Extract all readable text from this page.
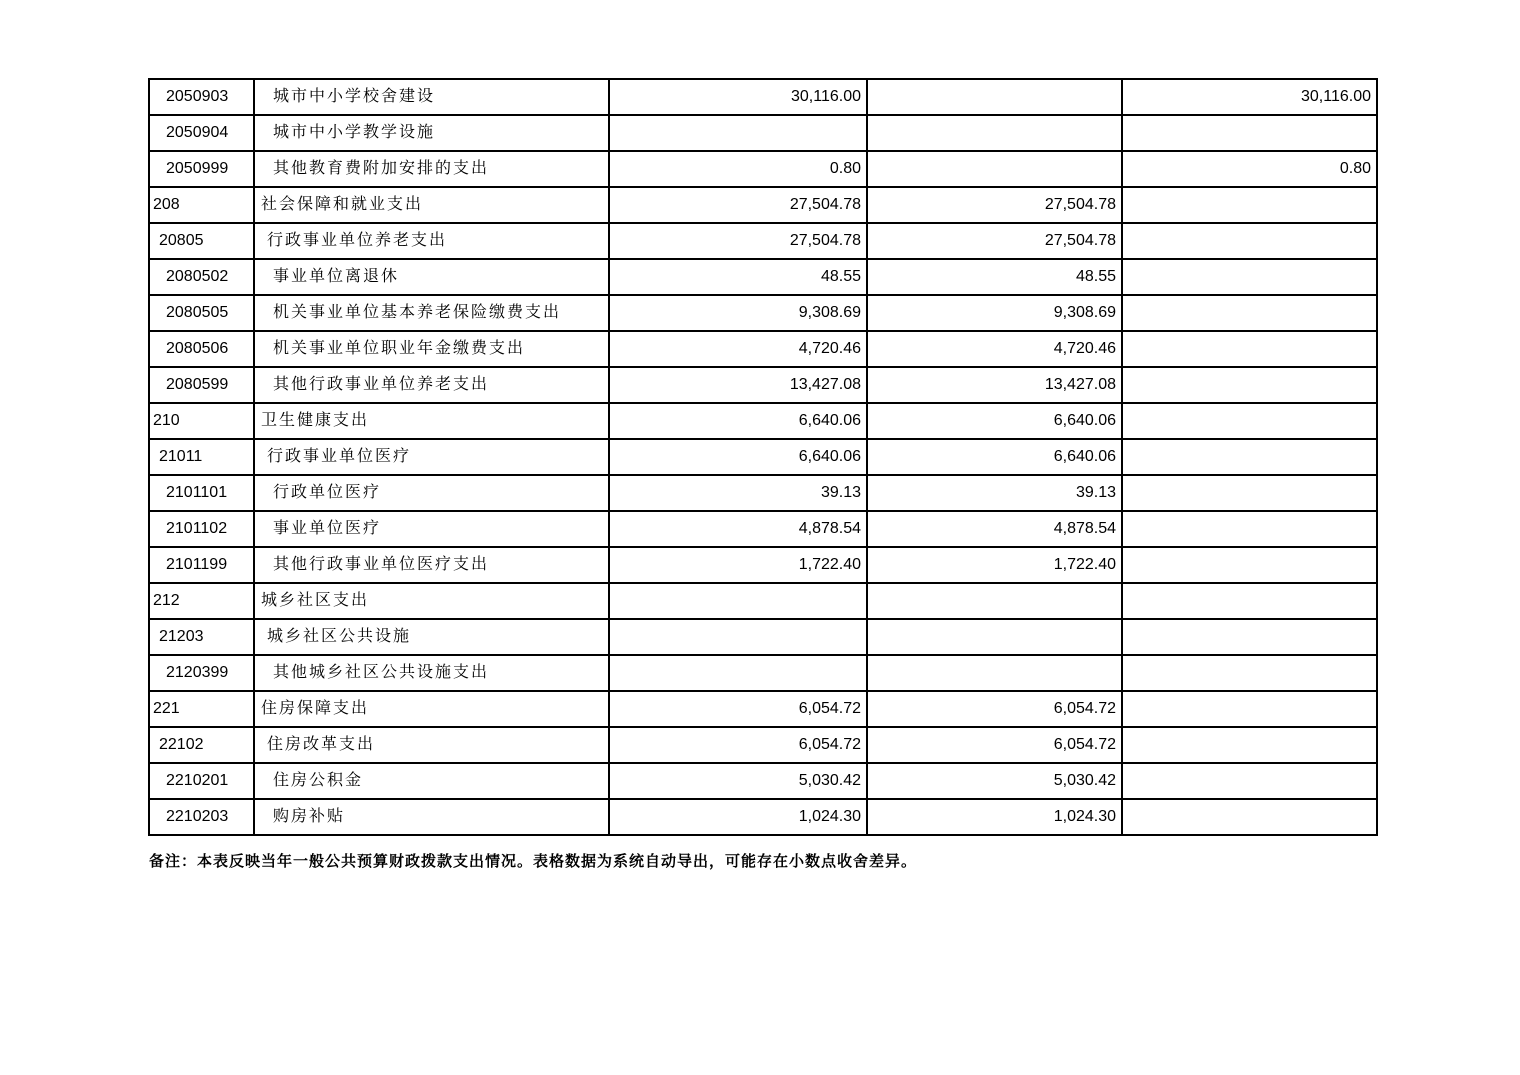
2050903	城市中小学校舍建设	30,116.00		30,116.00
2050904	城市中小学教学设施			
2050999	其他教育费附加安排的支出	0.80		0.80
208	社会保障和就业支出	27,504.78	27,504.78	
20805	行政事业单位养老支出	27,504.78	27,504.78	
2080502	事业单位离退休	48.55	48.55	
2080505	机关事业单位基本养老保险缴费支出	9,308.69	9,308.69	
2080506	机关事业单位职业年金缴费支出	4,720.46	4,720.46	
2080599	其他行政事业单位养老支出	13,427.08	13,427.08	
210	卫生健康支出	6,640.06	6,640.06	
21011	行政事业单位医疗	6,640.06	6,640.06	
2101101	行政单位医疗	39.13	39.13	
2101102	事业单位医疗	4,878.54	4,878.54	
2101199	其他行政事业单位医疗支出	1,722.40	1,722.40	
212	城乡社区支出			
21203	城乡社区公共设施			
2120399	其他城乡社区公共设施支出			
221	住房保障支出	6,054.72	6,054.72	
22102	住房改革支出	6,054.72	6,054.72	
2210201	住房公积金	5,030.42	5,030.42	
2210203	购房补贴	1,024.30	1,024.30	
备注：本表反映当年一般公共预算财政拨款支出情况。表格数据为系统自动导出，可能存在小数点收舍差异。
